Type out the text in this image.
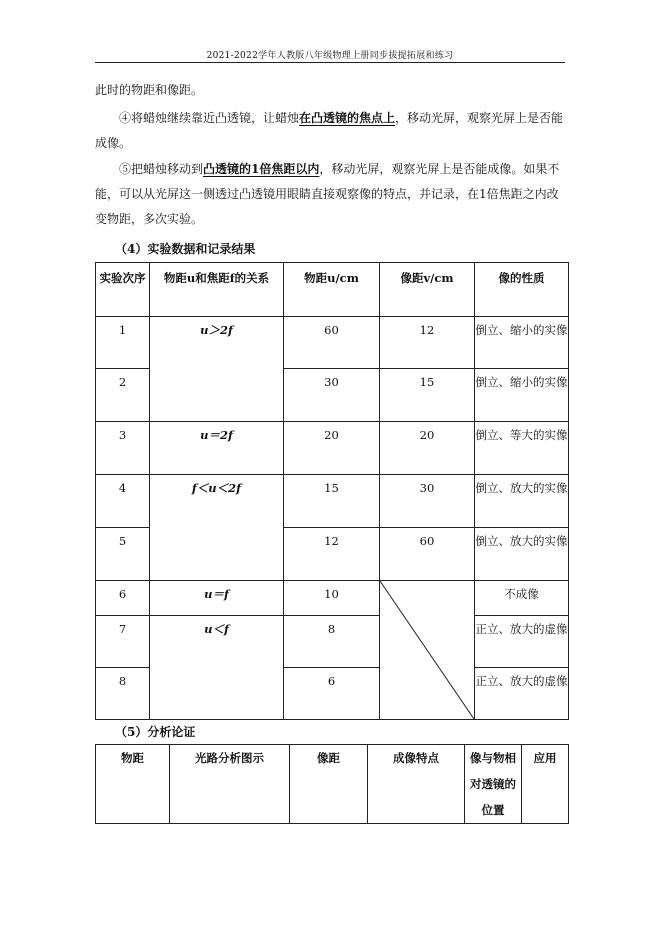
2021-2022学年人教版八年级物理上册同步拔提拓展和练习
此时的物距和像距。
④将蜡烛继续靠近凸透镜，让蜡烛在凸透镜的焦点上，移动光屏，观察光屏上是否能成像。
⑤把蜡烛移动到凸透镜的1倍焦距以内，移动光屏，观察光屏上是否能成像。如果不能，可以从光屏这一侧透过凸透镜用眼睛直接观察像的特点，并记录，在1倍焦距之内改变物距，多次实验。
（4）实验数据和记录结果
实验次序	物距u和焦距f的关系	物距u/cm	像距v/cm	像的性质
1	u＞2f	60	12	倒立、缩小的实像
2		30	15	倒立、缩小的实像
3	u＝2f	20	20	倒立、等大的实像
4	f＜u＜2f	15	30	倒立、放大的实像
5		12	60	倒立、放大的实像
6	u＝f	10		不成像
7	u＜f	8		正立、放大的虚像
8		6		正立、放大的虚像
（5）分析论证
物距	光路分析图示	像距	成像特点	像与物相对透镜的位置	应用
